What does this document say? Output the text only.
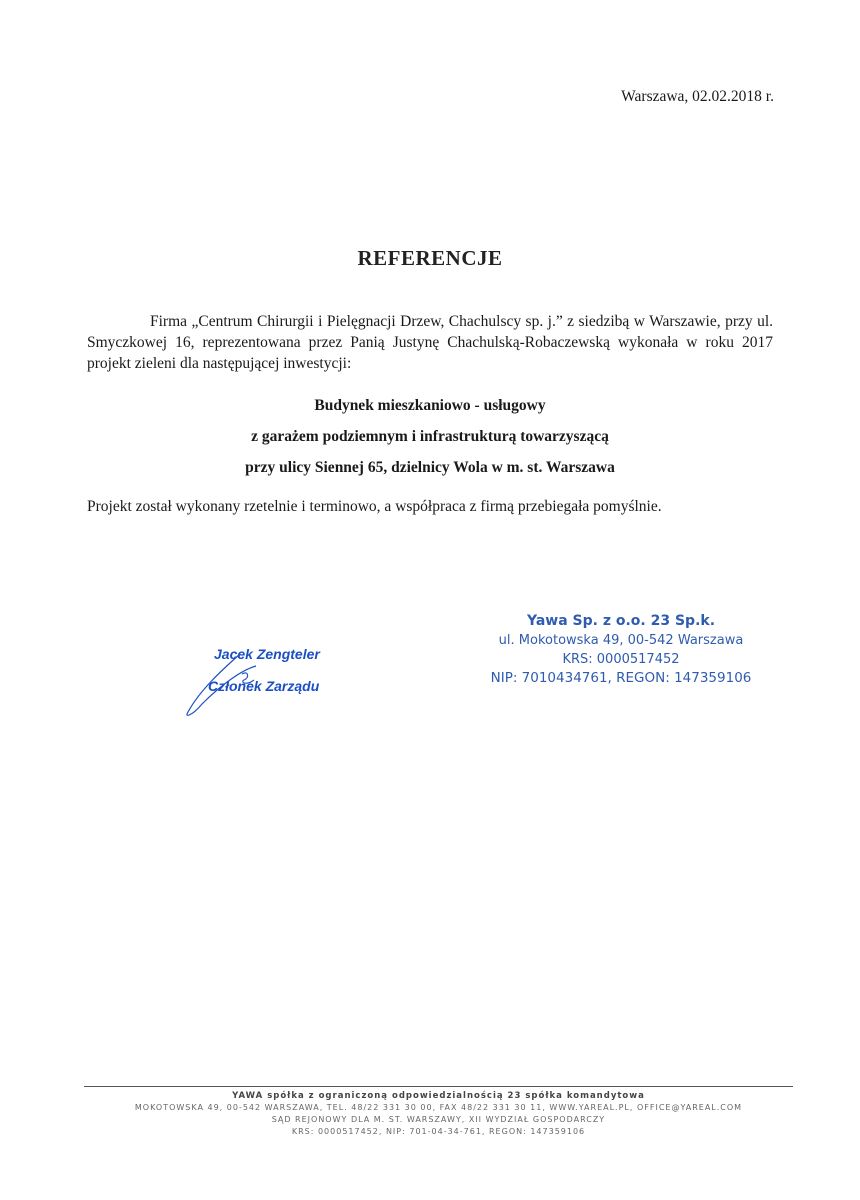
Warszawa, 02.02.2018 r.
REFERENCJE
Firma „Centrum Chirurgii i Pielęgnacji Drzew, Chachulscy sp. j.” z siedzibą w Warszawie, przy ul. Smyczkowej 16, reprezentowana przez Panią Justynę Chachulską-Robaczewską wykonała w roku 2017 projekt zieleni dla następującej inwestycji:
Budynek mieszkaniowo - usługowy
z garażem podziemnym i infrastrukturą towarzyszącą
przy ulicy Siennej 65, dzielnicy Wola w m. st. Warszawa
Projekt został wykonany rzetelnie i terminowo, a współpraca z firmą przebiegała pomyślnie.
Jacek Zengteler
Członek Zarządu
Yawa Sp. z o.o. 23 Sp.k.
ul. Mokotowska 49, 00-542 Warszawa
KRS: 0000517452
NIP: 7010434761, REGON: 147359106
YAWA spółka z ograniczoną odpowiedzialnością 23 spółka komandytowa
MOKOTOWSKA 49, 00-542 WARSZAWA, TEL. 48/22 331 30 00, FAX 48/22 331 30 11, WWW.YAREAL.PL, OFFICE@YAREAL.COM
SĄD REJONOWY DLA M. ST. WARSZAWY, XII WYDZIAŁ GOSPODARCZY
KRS: 0000517452, NIP: 701-04-34-761, REGON: 147359106
